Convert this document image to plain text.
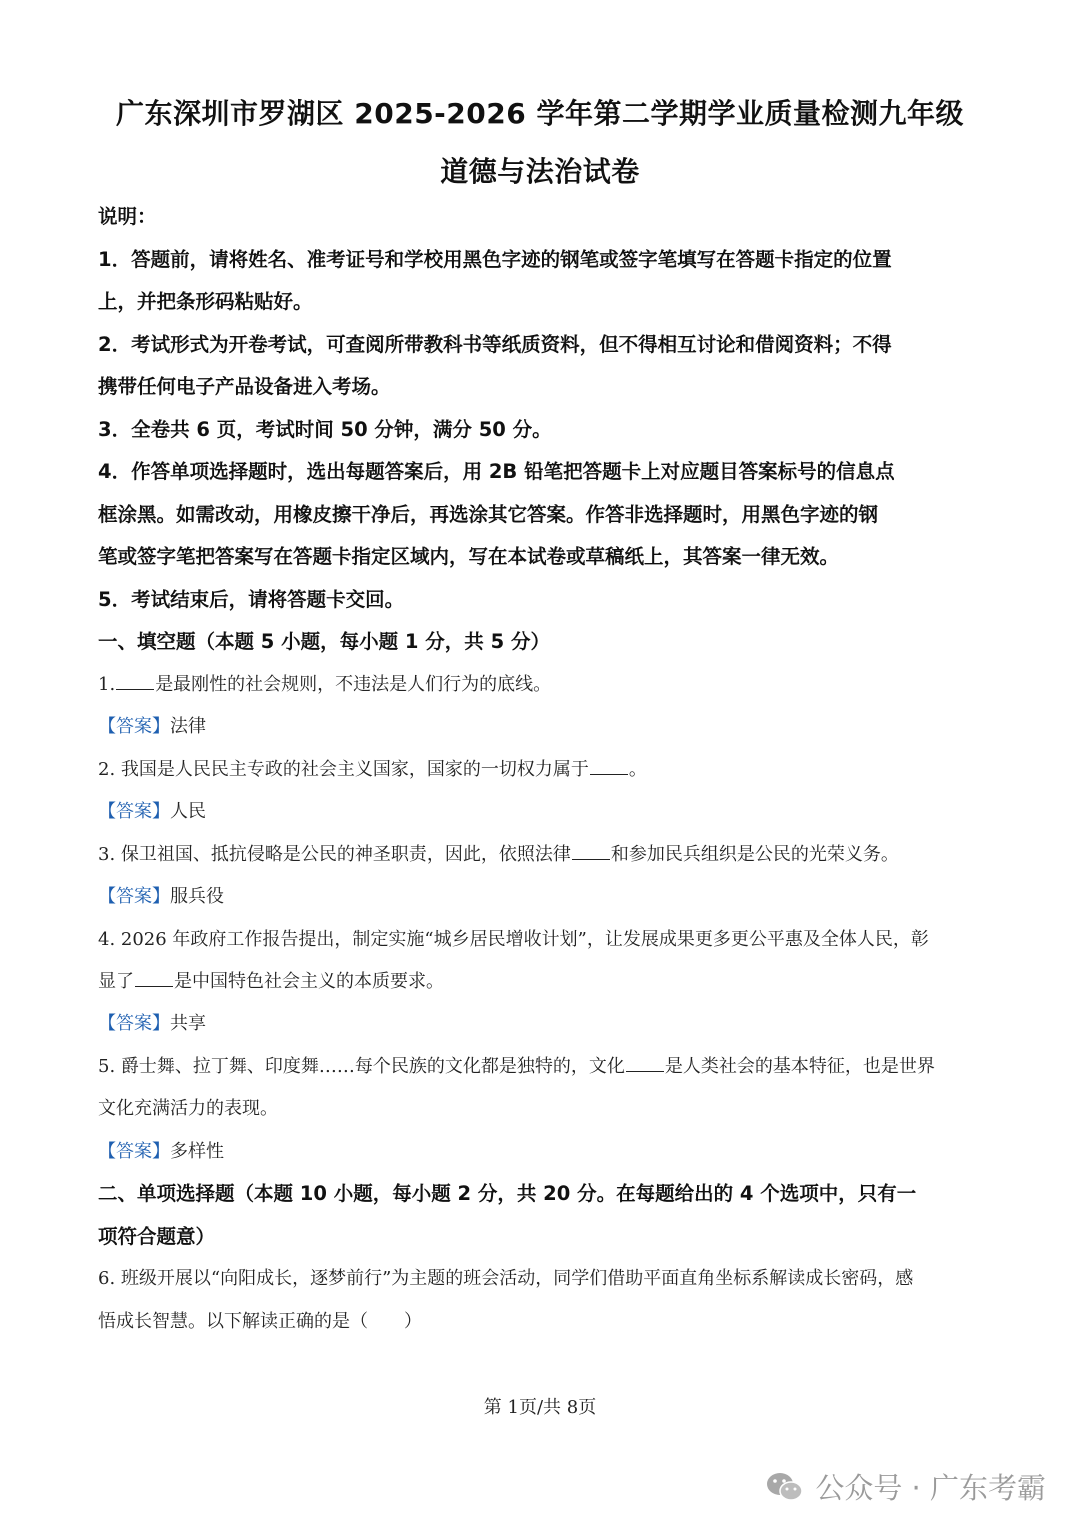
广东深圳市罗湖区 2025-2026 学年第二学期学业质量检测九年级
道德与法治试卷
说明：
1．答题前，请将姓名、准考证号和学校用黑色字迹的钢笔或签字笔填写在答题卡指定的位置
上，并把条形码粘贴好。
2．考试形式为开卷考试，可查阅所带教科书等纸质资料，但不得相互讨论和借阅资料；不得
携带任何电子产品设备进入考场。
3．全卷共 6 页，考试时间 50 分钟，满分 50 分。
4．作答单项选择题时，选出每题答案后，用 2B 铅笔把答题卡上对应题目答案标号的信息点
框涂黑。如需改动，用橡皮擦干净后，再选涂其它答案。作答非选择题时，用黑色字迹的钢
笔或签字笔把答案写在答题卡指定区域内，写在本试卷或草稿纸上，其答案一律无效。
5．考试结束后，请将答题卡交回。
一、填空题（本题 5 小题，每小题 1 分，共 5 分）
1. 是最刚性的社会规则，不违法是人们行为的底线。
【答案】法律
2. 我国是人民民主专政的社会主义国家，国家的一切权力属于 。
【答案】人民
3. 保卫祖国、抵抗侵略是公民的神圣职责，因此，依照法律 和参加民兵组织是公民的光荣义务。
【答案】服兵役
4. 2026 年政府工作报告提出，制定实施“城乡居民增收计划”，让发展成果更多更公平惠及全体人民，彰
显了 是中国特色社会主义的本质要求。
【答案】共享
5. 爵士舞、拉丁舞、印度舞……每个民族的文化都是独特的，文化 是人类社会的基本特征，也是世界
文化充满活力的表现。
【答案】多样性
二、单项选择题（本题 10 小题，每小题 2 分，共 20 分。在每题给出的 4 个选项中，只有一
项符合题意）
6. 班级开展以“向阳成长，逐梦前行”为主题的班会活动，同学们借助平面直角坐标系解读成长密码，感
悟成长智慧。以下解读正确的是（　　）
第 1页/共 8页
公众号 · 广东考霸
